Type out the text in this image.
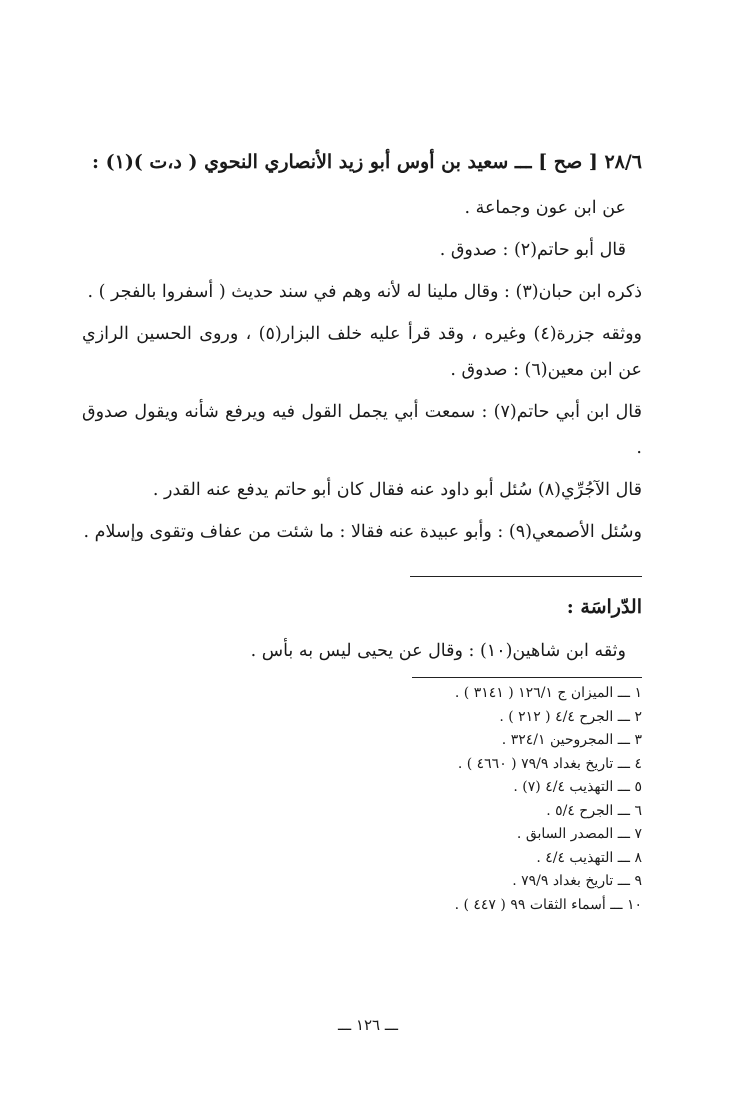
٢٨/٦ [ صح ] ـــ سعيد بن أوس أبو زيد الأنصاري النحوي ( د،ت )(١) :

عن ابن عون وجماعة .

قال أبو حاتم(٢) : صدوق .

ذكره ابن حبان(٣) : وقال ملينا له لأنه وهم في سند حديث ( أسفروا بالفجر ) .

ووثقه جزرة(٤) وغيره ، وقد قرأ عليه خلف البزار(٥) ، وروى الحسين الرازي عن ابن معين(٦) : صدوق .

قال ابن أبي حاتم(٧) : سمعت أبي يجمل القول فيه ويرفع شأنه ويقول صدوق .

قال الآجُرِّي(٨) سُئل أبو داود عنه فقال كان أبو حاتم يدفع عنه القدر .

وسُئل الأصمعي(٩) : وأبو عبيدة عنه فقالا : ما شئت من عفاف وتقوى وإسلام .

الدّراسَة :

وثقه ابن شاهين(١٠) : وقال عن يحيى ليس به بأس .

١ ـــ الميزان ج ١٢٦/١ ( ٣١٤١ ) .
٢ ـــ الجرح ٤/٤ ( ٢١٢ ) .
٣ ـــ المجروحين ٣٢٤/١ .
٤ ـــ تاريخ بغداد ٧٩/٩ ( ٤٦٦٠ ) .
٥ ـــ التهذيب ٤/٤ (٧) .
٦ ـــ الجرح ٥/٤ .
٧ ـــ المصدر السابق .
٨ ـــ التهذيب ٤/٤ .
٩ ـــ تاريخ بغداد ٧٩/٩ .
١٠ ـــ أسماء الثقات ٩٩ ( ٤٤٧ ) .
ـــ ١٢٦ ـــ
